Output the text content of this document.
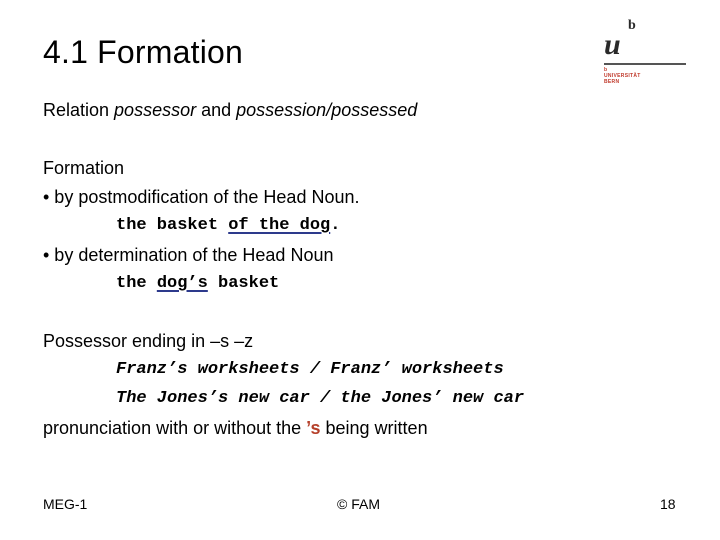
u
b
b
UNIVERSITÄT
BERN
4.1 Formation
Relation possessor and possession/possessed
Formation
• by postmodification of the Head Noun.
the basket of the dog.
• by determination of the Head Noun
the dog’s basket
Possessor ending in –s –z
Franz’s worksheets / Franz’ worksheets
The Jones’s new car / the Jones’ new car
pronunciation with or without the ’s being written
MEG-1	© FAM	18
